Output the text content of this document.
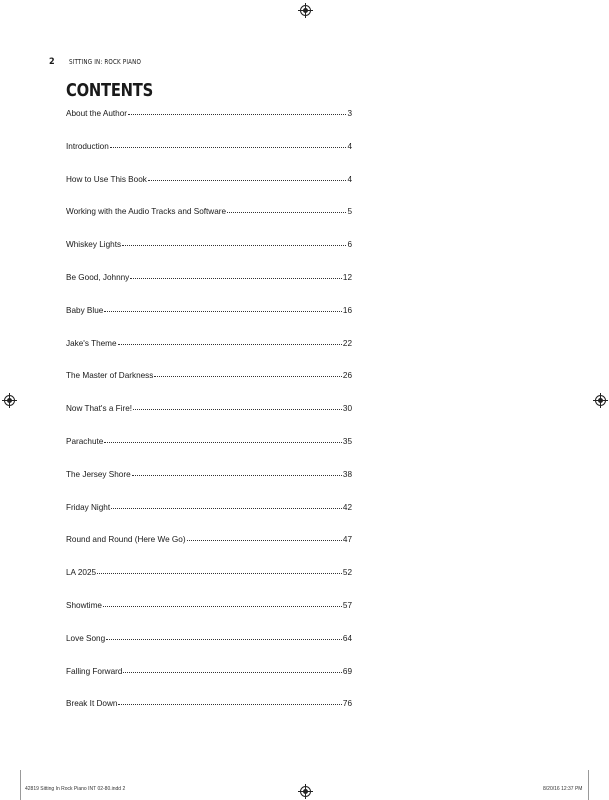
2 SITTING IN: ROCK PIANO
CONTENTS
About the Author	3
Introduction	4
How to Use This Book	4
Working with the Audio Tracks and Software	5
Whiskey Lights	6
Be Good, Johnny	12
Baby Blue	16
Jake's Theme	22
The Master of Darkness	26
Now That's a Fire!	30
Parachute	35
The Jersey Shore	38
Friday Night	42
Round and Round (Here We Go)	47
LA 2025	52
Showtime	57
Love Song	64
Falling Forward	69
Break It Down	76
42819 Sitting In Rock Piano INT 02-80.indd 2	8/20/16 12:37 PM
